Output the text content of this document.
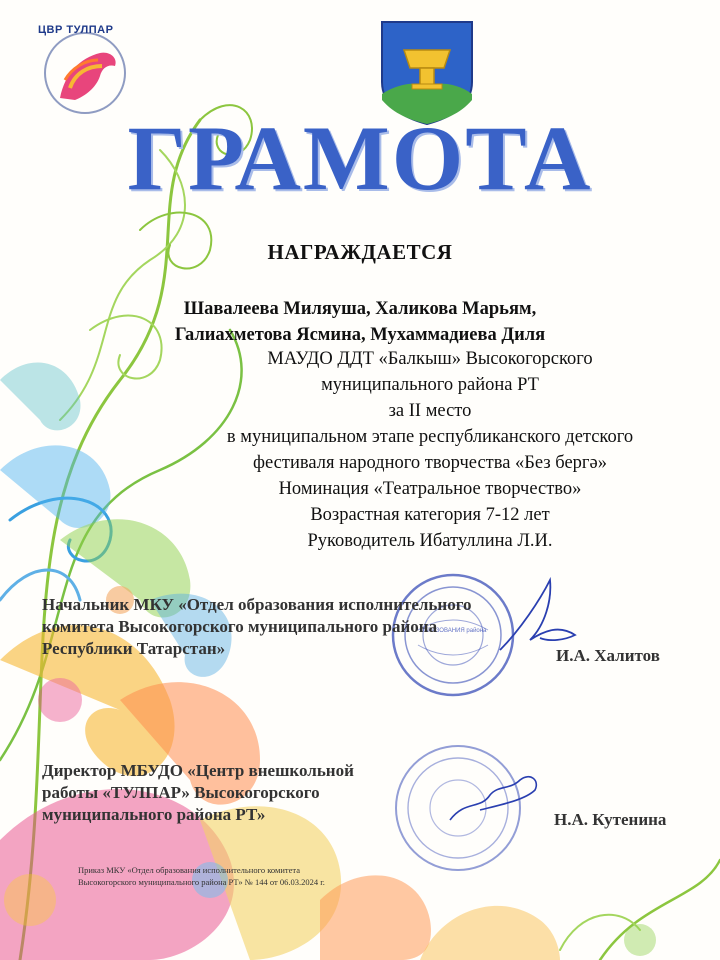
ЦВР ТУЛПАР
ГРАМОТА
НАГРАЖДАЕТСЯ
Шавалеева Миляуша, Халикова Марьям,
Галиахметова Ясмина, Мухаммадиева Диля
МАУДО ДДТ «Балкыш» Высокогорского
муниципального района РТ
за II место
в муниципальном этапе республиканского детского
фестиваля народного творчества «Без бергә»
Номинация «Театральное творчество»
Возрастная категория 7-12 лет
Руководитель Ибатуллина Л.И.
ОБРАЗОВАНИЯ района
Начальник МКУ «Отдел образования исполнительного
комитета Высокогорского муниципального района
Республики Татарстан»	И.А. Халитов
Директор МБУДО «Центр внешкольной
работы «ТУЛПАР» Высокогорского
муниципального района РТ»	Н.А. Кутенина
Приказ МКУ «Отдел образования исполнительного комитета
Высокогорского муниципального района РТ» № 144 от 06.03.2024 г.
